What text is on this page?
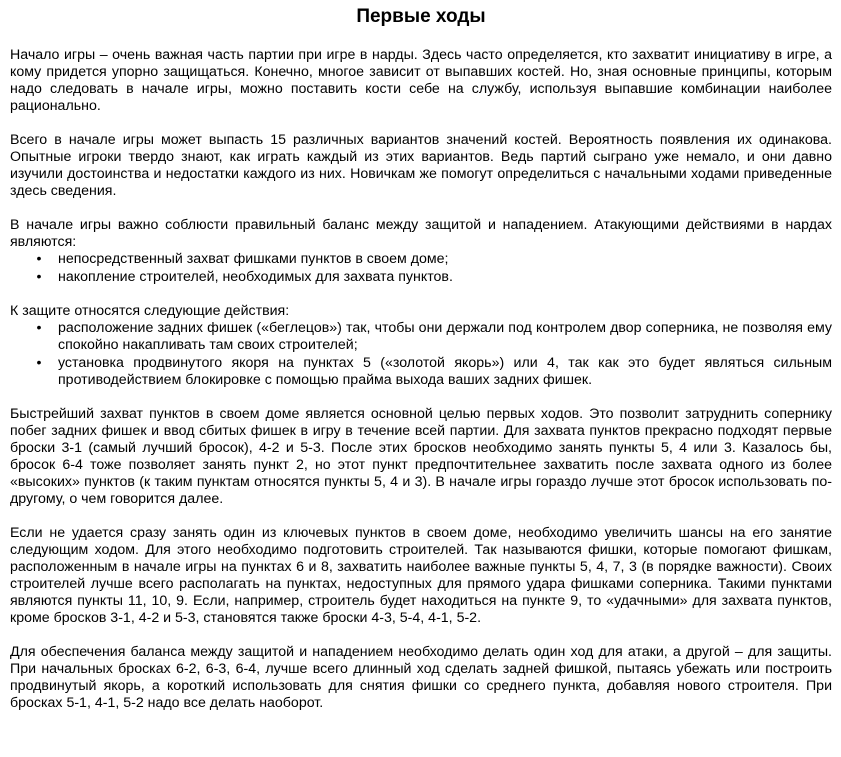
Первые ходы

Начало игры – очень важная часть партии при игре в нарды. Здесь часто определяется, кто захватит инициативу в игре, а кому придется упорно защищаться. Конечно, многое зависит от выпавших костей. Но, зная основные принципы, которым надо следовать в начале игры, можно поставить кости себе на службу, используя выпавшие комбинации наиболее рационально.

Всего в начале игры может выпасть 15 различных вариантов значений костей. Вероятность появления их одинакова. Опытные игроки твердо знают, как играть каждый из этих вариантов. Ведь партий сыграно уже немало, и они давно изучили достоинства и недостатки каждого из них. Новичкам же помогут определиться с начальными ходами приведенные здесь сведения.

В начале игры важно соблюсти правильный баланс между защитой и нападением. Атакующими действиями в нардах являются:

• непосредственный захват фишками пунктов в своем доме;
• накопление строителей, необходимых для захвата пунктов.

К защите относятся следующие действия:

• расположение задних фишек («беглецов») так, чтобы они держали под контролем двор соперника, не позволяя ему спокойно накапливать там своих строителей;
• установка продвинутого якоря на пунктах 5 («золотой якорь») или 4, так как это будет являться сильным противодействием блокировке с помощью прайма выхода ваших задних фишек.

Быстрейший захват пунктов в своем доме является основной целью первых ходов. Это позволит затруднить сопернику побег задних фишек и ввод сбитых фишек в игру в течение всей партии. Для захвата пунктов прекрасно подходят первые броски 3-1 (самый лучший бросок), 4-2 и 5-3. После этих бросков необходимо занять пункты 5, 4 или 3. Казалось бы, бросок 6-4 тоже позволяет занять пункт 2, но этот пункт предпочтительнее захватить после захвата одного из более «высоких» пунктов (к таким пунктам относятся пункты 5, 4 и 3). В начале игры гораздо лучше этот бросок использовать по-другому, о чем говорится далее.

Если не удается сразу занять один из ключевых пунктов в своем доме, необходимо увеличить шансы на его занятие следующим ходом. Для этого необходимо подготовить строителей. Так называются фишки, которые помогают фишкам, расположенным в начале игры на пунктах 6 и 8, захватить наиболее важные пункты 5, 4, 7, 3 (в порядке важности). Своих строителей лучше всего располагать на пунктах, недоступных для прямого удара фишками соперника. Такими пунктами являются пункты 11, 10, 9. Если, например, строитель будет находиться на пункте 9, то «удачными» для захвата пунктов, кроме бросков 3-1, 4-2 и 5-3, становятся также броски 4-3, 5-4, 4-1, 5-2.

Для обеспечения баланса между защитой и нападением необходимо делать один ход для атаки, а другой – для защиты. При начальных бросках 6-2, 6-3, 6-4, лучше всего длинный ход сделать задней фишкой, пытаясь убежать или построить продвинутый якорь, а короткий использовать для снятия фишки со среднего пункта, добавляя нового строителя. При бросках 5-1, 4-1, 5-2 надо все делать наоборот.
